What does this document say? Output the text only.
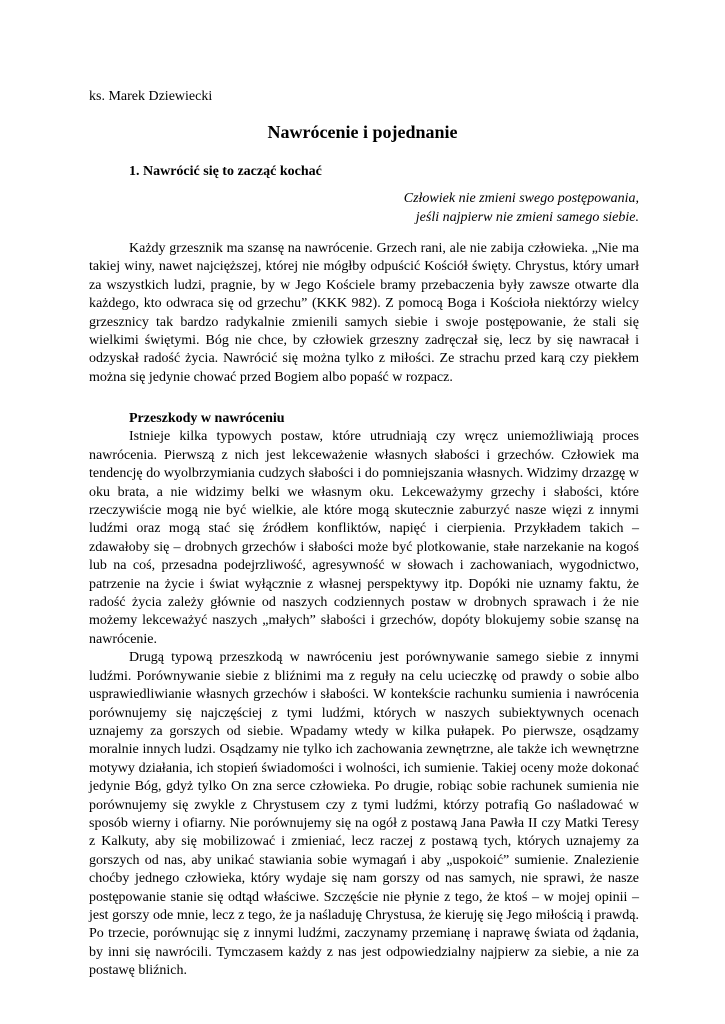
ks. Marek Dziewiecki
Nawrócenie i pojednanie
1. Nawrócić się to zacząć kochać
Człowiek nie zmieni swego postępowania,
jeśli najpierw nie zmieni samego siebie.

Każdy grzesznik ma szansę na nawrócenie. Grzech rani, ale nie zabija człowieka. „Nie ma takiej winy, nawet najcięższej, której nie mógłby odpuścić Kościół święty. Chrystus, który umarł za wszystkich ludzi, pragnie, by w Jego Kościele bramy przebaczenia były zawsze otwarte dla każdego, kto odwraca się od grzechu” (KKK 982). Z pomocą Boga i Kościoła niektórzy wielcy grzesznicy tak bardzo radykalnie zmienili samych siebie i swoje postępowanie, że stali się wielkimi świętymi. Bóg nie chce, by człowiek grzeszny zadręczał się, lecz by się nawracał i odzyskał radość życia. Nawrócić się można tylko z miłości. Ze strachu przed karą czy piekłem można się jedynie chować przed Bogiem albo popaść w rozpacz.

Przeszkody w nawróceniu

Istnieje kilka typowych postaw, które utrudniają czy wręcz uniemożliwiają proces nawrócenia. Pierwszą z nich jest lekceważenie własnych słabości i grzechów. Człowiek ma tendencję do wyolbrzymiania cudzych słabości i do pomniejszania własnych. Widzimy drzazgę w oku brata, a nie widzimy belki we własnym oku. Lekceważymy grzechy i słabości, które rzeczywiście mogą nie być wielkie, ale które mogą skutecznie zaburzyć nasze więzi z innymi ludźmi oraz mogą stać się źródłem konfliktów, napięć i cierpienia. Przykładem takich – zdawałoby się – drobnych grzechów i słabości może być plotkowanie, stałe narzekanie na kogoś lub na coś, przesadna podejrzliwość, agresywność w słowach i zachowaniach, wygodnictwo, patrzenie na życie i świat wyłącznie z własnej perspektywy itp. Dopóki nie uznamy faktu, że radość życia zależy głównie od naszych codziennych postaw w drobnych sprawach i że nie możemy lekceważyć naszych „małych” słabości i grzechów, dopóty blokujemy sobie szansę na nawrócenie.

Drugą typową przeszkodą w nawróceniu jest porównywanie samego siebie z innymi ludźmi. Porównywanie siebie z bliźnimi ma z reguły na celu ucieczkę od prawdy o sobie albo usprawiedliwianie własnych grzechów i słabości. W kontekście rachunku sumienia i nawrócenia porównujemy się najczęściej z tymi ludźmi, których w naszych subiektywnych ocenach uznajemy za gorszych od siebie. Wpadamy wtedy w kilka pułapek. Po pierwsze, osądzamy moralnie innych ludzi. Osądzamy nie tylko ich zachowania zewnętrzne, ale także ich wewnętrzne motywy działania, ich stopień świadomości i wolności, ich sumienie. Takiej oceny może dokonać jedynie Bóg, gdyż tylko On zna serce człowieka. Po drugie, robiąc sobie rachunek sumienia nie porównujemy się zwykle z Chrystusem czy z tymi ludźmi, którzy potrafią Go naśladować w sposób wierny i ofiarny. Nie porównujemy się na ogół z postawą Jana Pawła II czy Matki Teresy z Kalkuty, aby się mobilizować i zmieniać, lecz raczej z postawą tych, których uznajemy za gorszych od nas, aby unikać stawiania sobie wymagań i aby „uspokoić” sumienie. Znalezienie choćby jednego człowieka, który wydaje się nam gorszy od nas samych, nie sprawi, że nasze postępowanie stanie się odtąd właściwe. Szczęście nie płynie z tego, że ktoś – w mojej opinii – jest gorszy ode mnie, lecz z tego, że ja naśladuję Chrystusa, że kieruję się Jego miłością i prawdą. Po trzecie, porównując się z innymi ludźmi, zaczynamy przemianę i naprawę świata od żądania, by inni się nawrócili. Tymczasem każdy z nas jest odpowiedzialny najpierw za siebie, a nie za postawę bliźnich.
